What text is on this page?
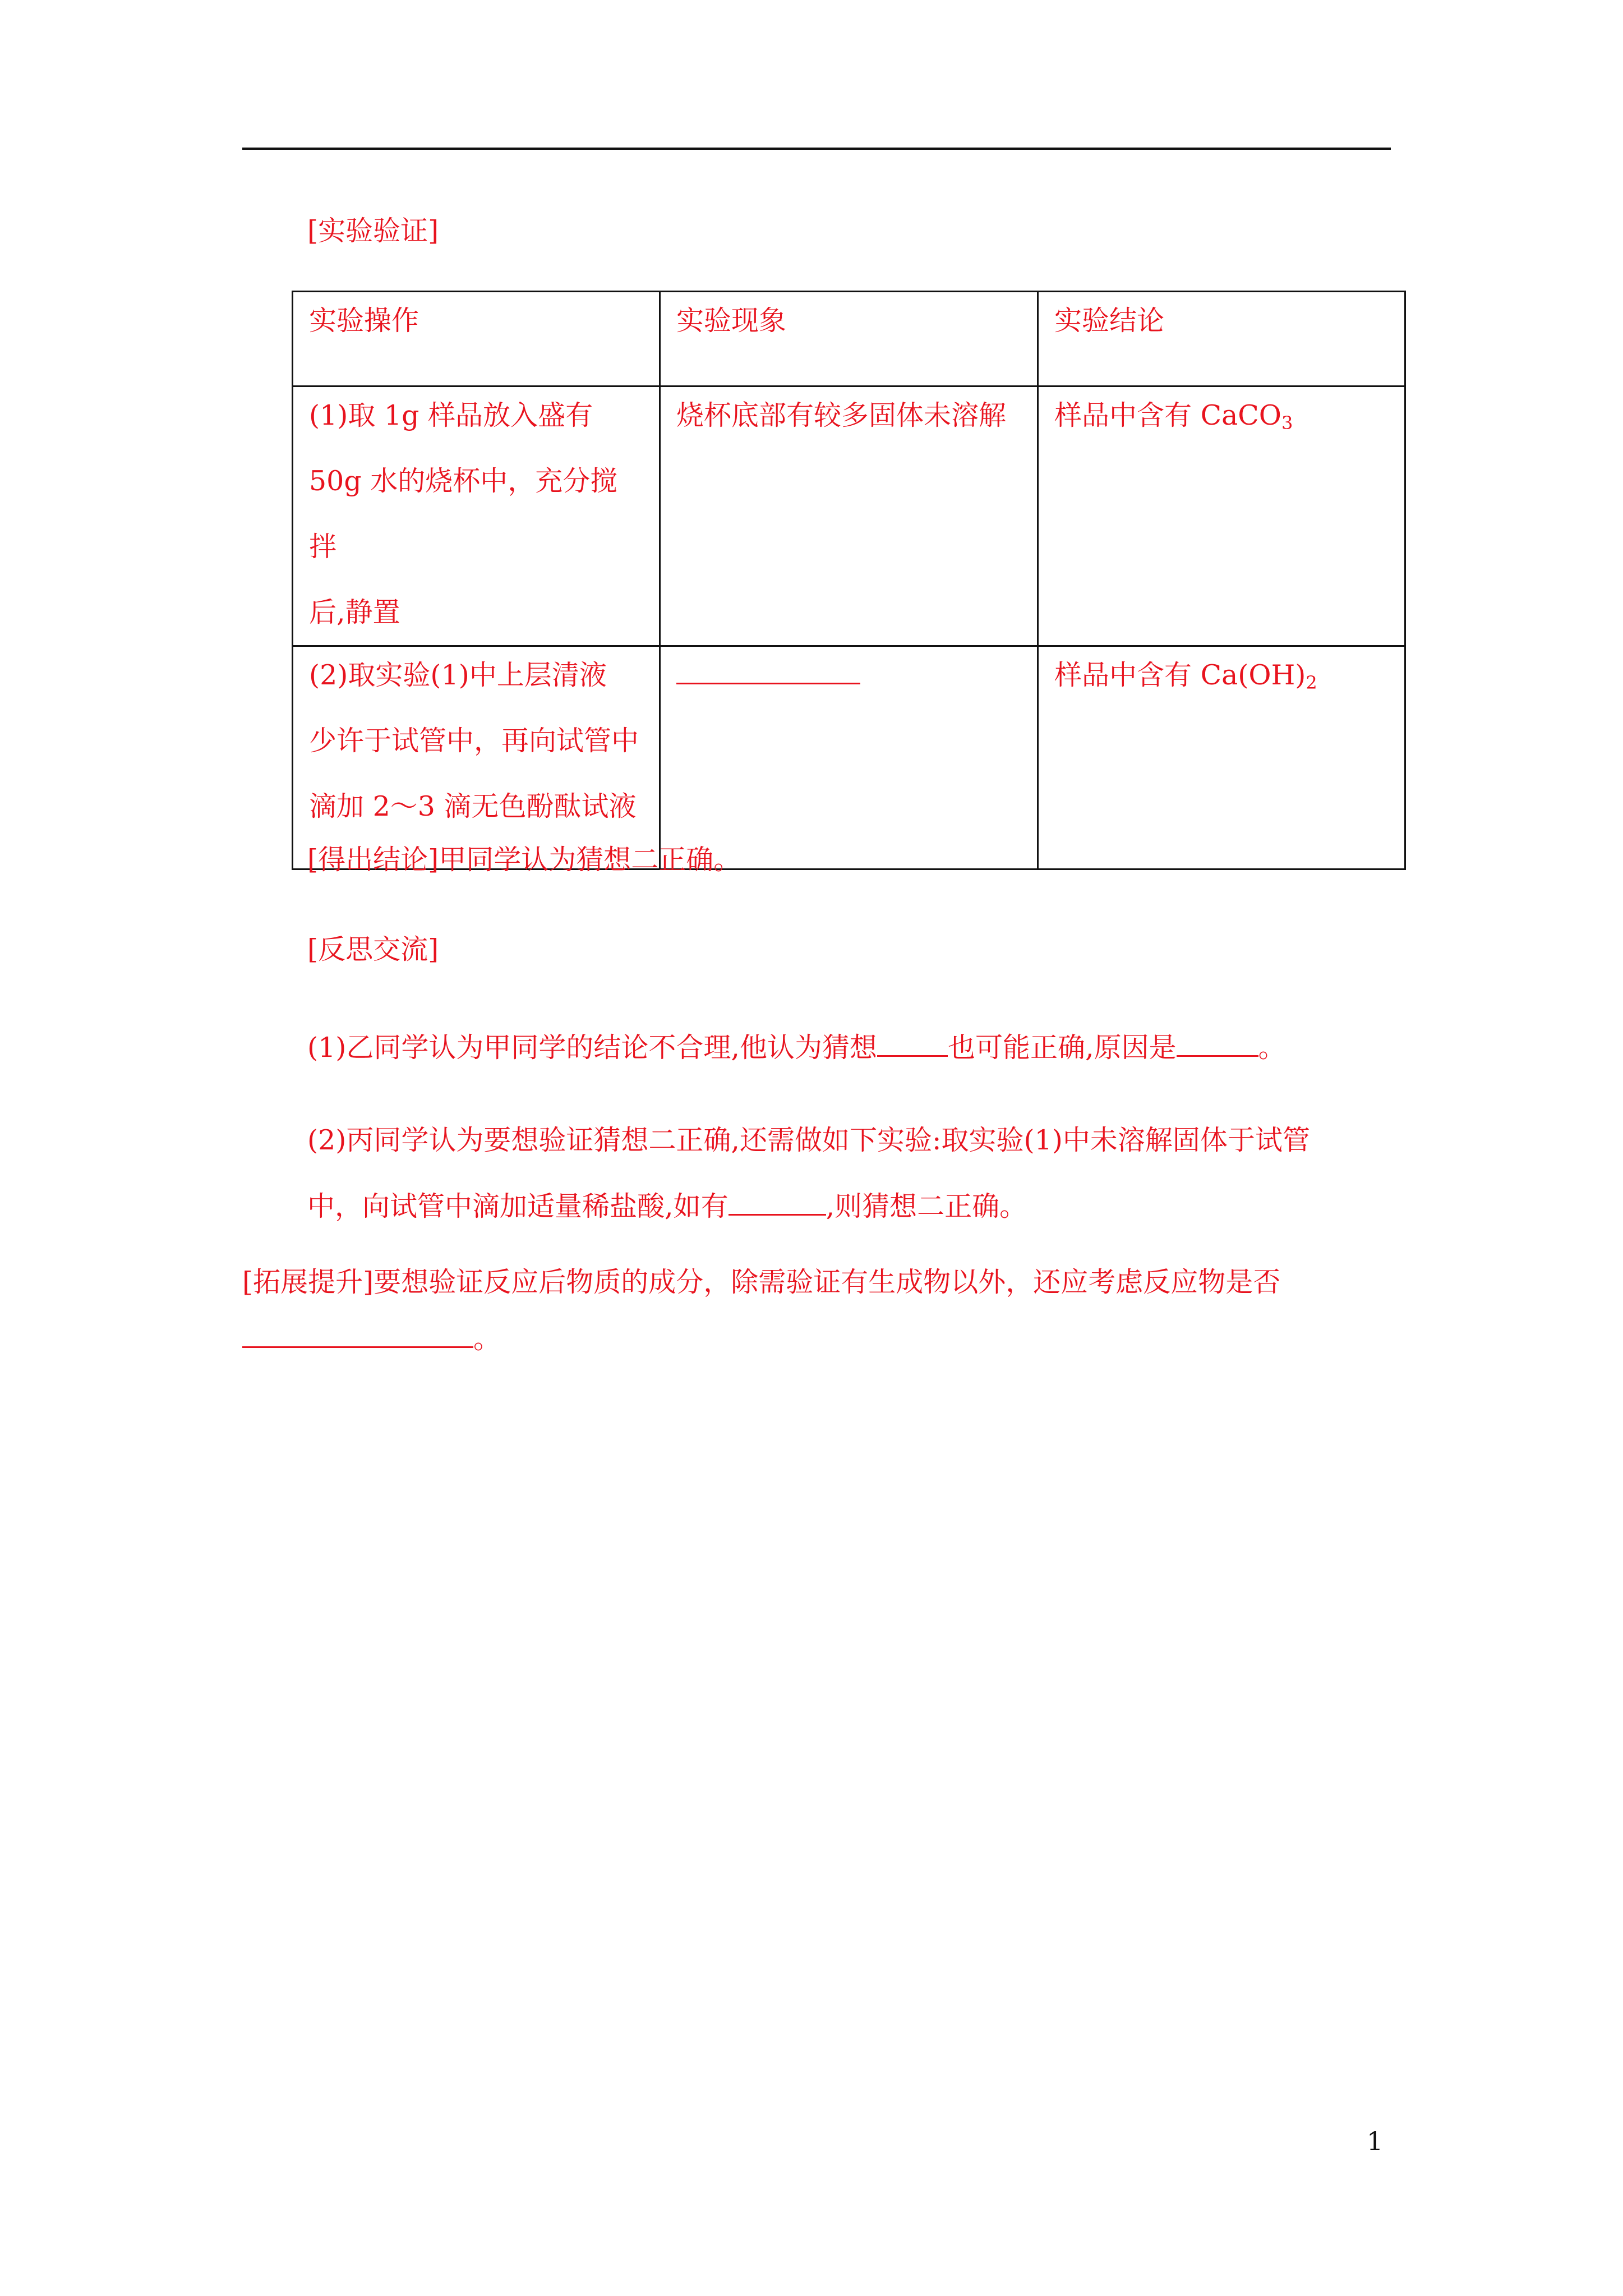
[实验验证]
实验操作	实验现象	实验结论

(1)取 1g 样品放入盛有
50g 水的烧杯中，充分搅拌
后,静置	烧杯底部有较多固体未溶解	样品中含有 CaCO$_3$

(2)取实验(1)中上层清液
少许于试管中，再向试管中
滴加 2～3 滴无色酚酞试液		样品中含有 $Ca(OH)_2$
[得出结论]甲同学认为猜想二正确。
[反思交流]
(1)乙同学认为甲同学的结论不合理,他认为猜想	也可能正确,原因是	。
(2)丙同学认为要想验证猜想二正确,还需做如下实验:取实验(1)中未溶解固体于试管
中，向试管中滴加适量稀盐酸,如有	,则猜想二正确。
[拓展提升]要想验证反应后物质的成分，除需验证有生成物以外，还应考虑反应物是否
。
1
